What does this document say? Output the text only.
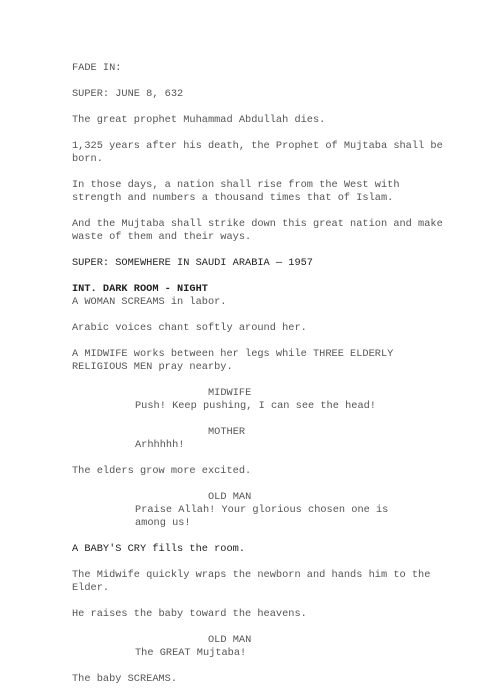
FADE IN:

SUPER: JUNE 8, 632

The great prophet Muhammad Abdullah dies.

1,325 years after his death, the Prophet of Mujtaba shall be born.

In those days, a nation shall rise from the West with strength and numbers a thousand times that of Islam.

And the Mujtaba shall strike down this great nation and make waste of them and their ways.

SUPER: SOMEWHERE IN SAUDI ARABIA — 1957

INT. DARK ROOM - NIGHT

A WOMAN SCREAMS in labor.

Arabic voices chant softly around her.

A MIDWIFE works between her legs while THREE ELDERLY RELIGIOUS MEN pray nearby.

MIDWIFE

Push! Keep pushing, I can see the head!

MOTHER

Arhhhhh!

The elders grow more excited.

OLD MAN

Praise Allah! Your glorious chosen one is among us!

A BABY'S CRY fills the room.

The Midwife quickly wraps the newborn and hands him to the Elder.

He raises the baby toward the heavens.

OLD MAN

The GREAT Mujtaba!

The baby SCREAMS.
